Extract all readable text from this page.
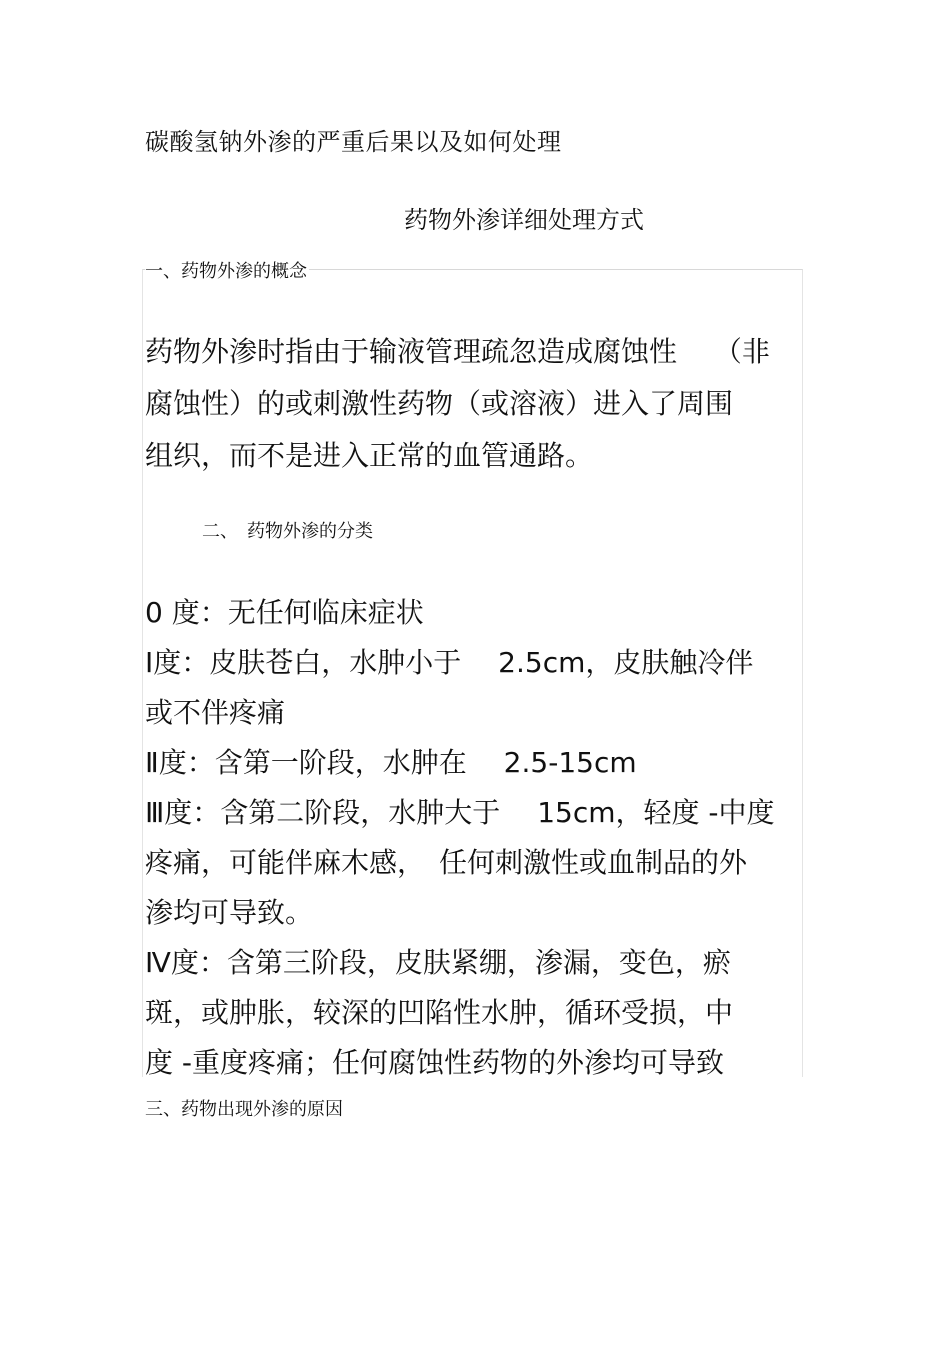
碳酸氢钠外渗的严重后果以及如何处理
药物外渗详细处理方式
一、药物外渗的概念
药物外渗时指由于输液管理疏忽造成腐蚀性　 （非
腐蚀性）的或刺激性药物（或溶液）进入了周围
组织，而不是进入正常的血管通路。
二、　药物外渗的分类
0 度：无任何临床症状
Ⅰ度：皮肤苍白，水肿小于　 2.5cm，皮肤触冷伴
或不伴疼痛
Ⅱ度：含第一阶段，水肿在　 2.5-15cm
Ⅲ度：含第二阶段，水肿大于　 15cm，轻度 -中度
疼痛，可能伴麻木感，　任何刺激性或血制品的外
渗均可导致。
Ⅳ度：含第三阶段，皮肤紧绷，渗漏，变色，瘀
斑，或肿胀，较深的凹陷性水肿，循环受损，中
度 -重度疼痛；任何腐蚀性药物的外渗均可导致
三、药物出现外渗的原因
